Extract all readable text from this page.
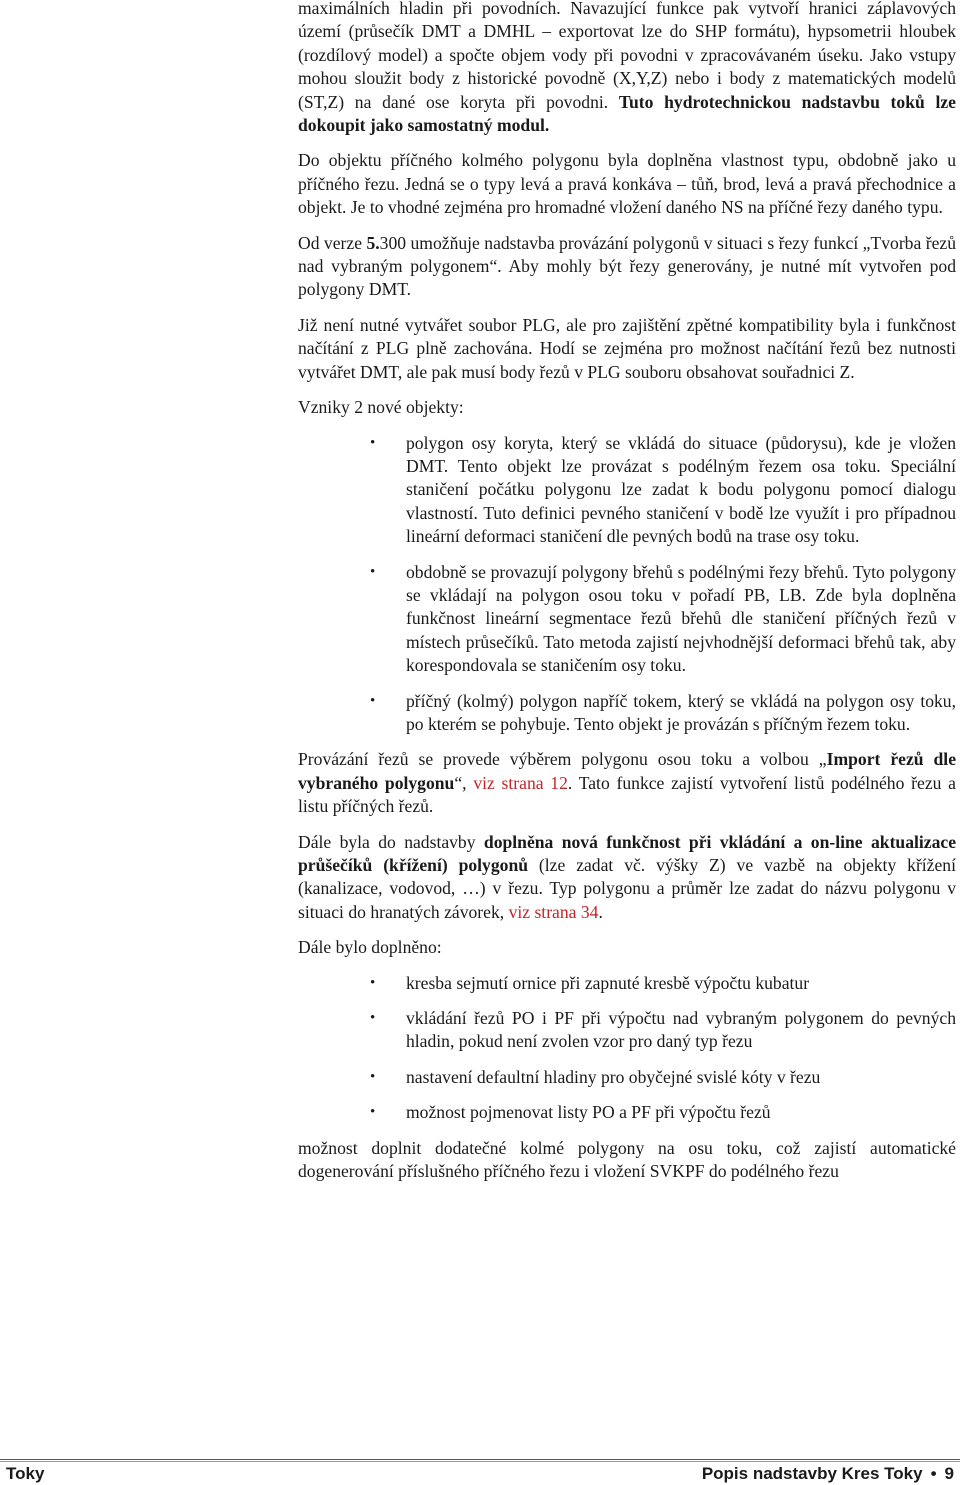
maximálních hladin při povodních. Navazující funkce pak vytvoří hranici záplavových území (průsečík DMT a DMHL – exportovat lze do SHP formátu), hypsometrii hloubek (rozdílový model) a spočte objem vody při povodni v zpracovávaném úseku. Jako vstupy mohou sloužit body z historické povodně (X,Y,Z) nebo i body z matematických modelů (ST,Z) na dané ose koryta při povodni. Tuto hydrotechnickou nadstavbu toků lze dokoupit jako samostatný modul.

Do objektu příčného kolmého polygonu byla doplněna vlastnost typu, obdobně jako u příčného řezu. Jedná se o typy levá a pravá konkáva – tůň, brod, levá a pravá přechodnice a objekt. Je to vhodné zejména pro hromadné vložení daného NS na příčné řezy daného typu.

Od verze 5.300 umožňuje nadstavba provázání polygonů v situaci s řezy funkcí „Tvorba řezů nad vybraným polygonem“. Aby mohly být řezy generovány, je nutné mít vytvořen pod polygony DMT.

Již není nutné vytvářet soubor PLG, ale pro zajištění zpětné kompatibility byla i funkčnost načítání z PLG plně zachována. Hodí se zejména pro možnost načítání řezů bez nutnosti vytvářet DMT, ale pak musí body řezů v PLG souboru obsahovat souřadnici Z.

Vzniky 2 nové objekty:

• polygon osy koryta, který se vkládá do situace (půdorysu), kde je vložen DMT. Tento objekt lze provázat s podélným řezem osa toku. Speciální staničení počátku polygonu lze zadat k bodu polygonu pomocí dialogu vlastností. Tuto definici pevného staničení v bodě lze využít i pro případnou lineární deformaci staničení dle pevných bodů na trase osy toku.
• obdobně se provazují polygony břehů s podélnými řezy břehů. Tyto polygony se vkládají na polygon osou toku v pořadí PB, LB. Zde byla doplněna funkčnost lineární segmentace řezů břehů dle staničení příčných řezů v místech průsečíků. Tato metoda zajistí nejvhodnější deformaci břehů tak, aby korespondovala se staničením osy toku.
• příčný (kolmý) polygon napříč tokem, který se vkládá na polygon osy toku, po kterém se pohybuje. Tento objekt je provázán s příčným řezem toku.

Provázání řezů se provede výběrem polygonu osou toku a volbou „Import řezů dle vybraného polygonu“, viz strana 12. Tato funkce zajistí vytvoření listů podélného řezu a listu příčných řezů.

Dále byla do nadstavby doplněna nová funkčnost při vkládání a on-line aktualizace průšečíků (křížení) polygonů (lze zadat vč. výšky Z) ve vazbě na objekty křížení (kanalizace, vodovod, …) v řezu. Typ polygonu a průměr lze zadat do názvu polygonu v situaci do hranatých závorek, viz strana 34.

Dále bylo doplněno:

• kresba sejmutí ornice při zapnuté kresbě výpočtu kubatur
• vkládání řezů PO i PF při výpočtu nad vybraným polygonem do pevných hladin, pokud není zvolen vzor pro daný typ řezu
• nastavení defaultní hladiny pro obyčejné svislé kóty v řezu
• možnost pojmenovat listy PO a PF při výpočtu řezů

možnost doplnit dodatečné kolmé polygony na osu toku, což zajistí automatické dogenerování příslušného příčného řezu i vložení SVKPF do podélného řezu

Toky	Popis nadstavby Kres Toky • 9
